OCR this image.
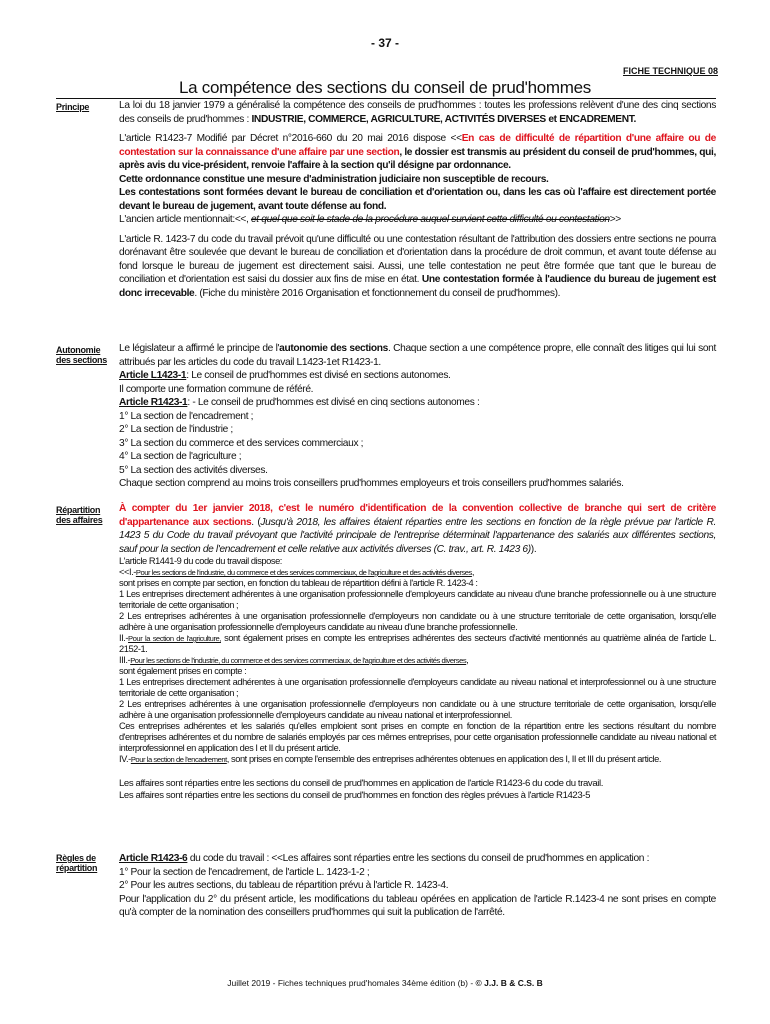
- 37 -
FICHE TECHNIQUE 08
La compétence des sections du conseil de prud'hommes
Principe
Autonomie
des sections
Répartition
des affaires
Règles de
répartition

La loi du 18 janvier 1979 a généralisé la compétence des conseils de prud'hommes : toutes les professions relèvent d'une des cinq sections des conseils de prud'hommes : INDUSTRIE, COMMERCE, AGRICULTURE, ACTIVITÉS DIVERSES et ENCADREMENT.

L'article R1423-7 Modifié par Décret n°2016-660 du 20 mai 2016 dispose <<En cas de difficulté de répartition d'une affaire ou de contestation sur la connaissance d'une affaire par une section, le dossier est transmis au président du conseil de prud'hommes, qui, après avis du vice-président, renvoie l'affaire à la section qu'il désigne par ordonnance.
Cette ordonnance constitue une mesure d'administration judiciaire non susceptible de recours.
Les contestations sont formées devant le bureau de conciliation et d'orientation ou, dans les cas où l'affaire est directement portée devant le bureau de jugement, avant toute défense au fond.
L'ancien article mentionnait:<<, et quel que soit le stade de la procédure auquel survient cette difficulté ou contestation>>

L'article R. 1423-7 du code du travail prévoit qu'une difficulté ou une contestation résultant de l'attribution des dossiers entre sections ne pourra dorénavant être soulevée que devant le bureau de conciliation et d'orientation dans la procédure de droit commun, et avant toute défense au fond lorsque le bureau de jugement est directement saisi. Aussi, une telle contestation ne peut être formée que tant que le bureau de conciliation et d'orientation est saisi du dossier aux fins de mise en état. Une contestation formée à l'audience du bureau de jugement est donc irrecevable. (Fiche du ministère 2016 Organisation et fonctionnement du conseil de prud'hommes).

Le législateur a affirmé le principe de l'autonomie des sections. Chaque section a une compétence propre, elle connaît des litiges qui lui sont attribués par les articles du code du travail L1423-1et R1423-1.

Article L1423-1: Le conseil de prud'hommes est divisé en sections autonomes.

Il comporte une formation commune de référé.

Article R1423-1: - Le conseil de prud'hommes est divisé en cinq sections autonomes :

1° La section de l'encadrement ;

2° La section de l'industrie ;

3° La section du commerce et des services commerciaux ;

4° La section de l'agriculture ;

5° La section des activités diverses.

Chaque section comprend au moins trois conseillers prud'hommes employeurs et trois conseillers prud'hommes salariés.

À compter du 1er janvier 2018, c'est le numéro d'identification de la convention collective de branche qui sert de critère d'appartenance aux sections. (Jusqu'à 2018, les affaires étaient réparties entre les sections en fonction de la règle prévue par l'article R. 1423 5 du Code du travail prévoyant que l'activité principale de l'entreprise déterminait l'appartenance des salariés aux différentes sections, sauf pour la section de l'encadrement et celle relative aux activités diverses (C. trav., art. R. 1423 6)).

L'article R1441-9 du code du travail dispose:

<<I.-Pour les sections de l'industrie, du commerce et des services commerciaux, de l'agriculture et des activités diverses,

sont prises en compte par section, en fonction du tableau de répartition défini à l'article R. 1423-4 :

1 Les entreprises directement adhérentes à une organisation professionnelle d'employeurs candidate au niveau d'une branche professionnelle ou à une structure territoriale de cette organisation ;

2 Les entreprises adhérentes à une organisation professionnelle d'employeurs non candidate ou à une structure territoriale de cette organisation, lorsqu'elle adhère à une organisation professionnelle d'employeurs candidate au niveau d'une branche professionnelle.

II.-Pour la section de l'agriculture, sont également prises en compte les entreprises adhérentes des secteurs d'activité mentionnés au quatrième alinéa de l'article L. 2152-1.

III.-Pour les sections de l'industrie, du commerce et des services commerciaux, de l'agriculture et des activités diverses,

sont également prises en compte :

1 Les entreprises directement adhérentes à une organisation professionnelle d'employeurs candidate au niveau national et interprofessionnel ou à une structure territoriale de cette organisation ;

2 Les entreprises adhérentes à une organisation professionnelle d'employeurs non candidate ou à une structure territoriale de cette organisation, lorsqu'elle adhère à une organisation professionnelle d'employeurs candidate au niveau national et interprofessionnel.

Ces entreprises adhérentes et les salariés qu'elles emploient sont prises en compte en fonction de la répartition entre les sections résultant du nombre d'entreprises adhérentes et du nombre de salariés employés par ces mêmes entreprises, pour cette organisation professionnelle candidate au niveau national et interprofessionnel en application des I et II du présent article.

IV.-Pour la section de l'encadrement, sont prises en compte l'ensemble des entreprises adhérentes obtenues en application des I, II et III du présent article.

Les affaires sont réparties entre les sections du conseil de prud'hommes en application de l'article R1423-6 du code du travail.

Les affaires sont réparties entre les sections du conseil de prud'hommes en fonction des règles prévues à l'article R1423-5

Article R1423-6 du code du travail : <<Les affaires sont réparties entre les sections du conseil de prud'hommes en application :

1° Pour la section de l'encadrement, de l'article L. 1423-1-2 ;

2° Pour les autres sections, du tableau de répartition prévu à l'article R. 1423-4.

Pour l'application du 2° du présent article, les modifications du tableau opérées en application de l'article R.1423-4 ne sont prises en compte qu'à compter de la nomination des conseillers prud'hommes qui suit la publication de l'arrêté.

Juillet 2019 - Fiches techniques prud'homales 34ème édition (b) - © J.J. B & C.S. B
